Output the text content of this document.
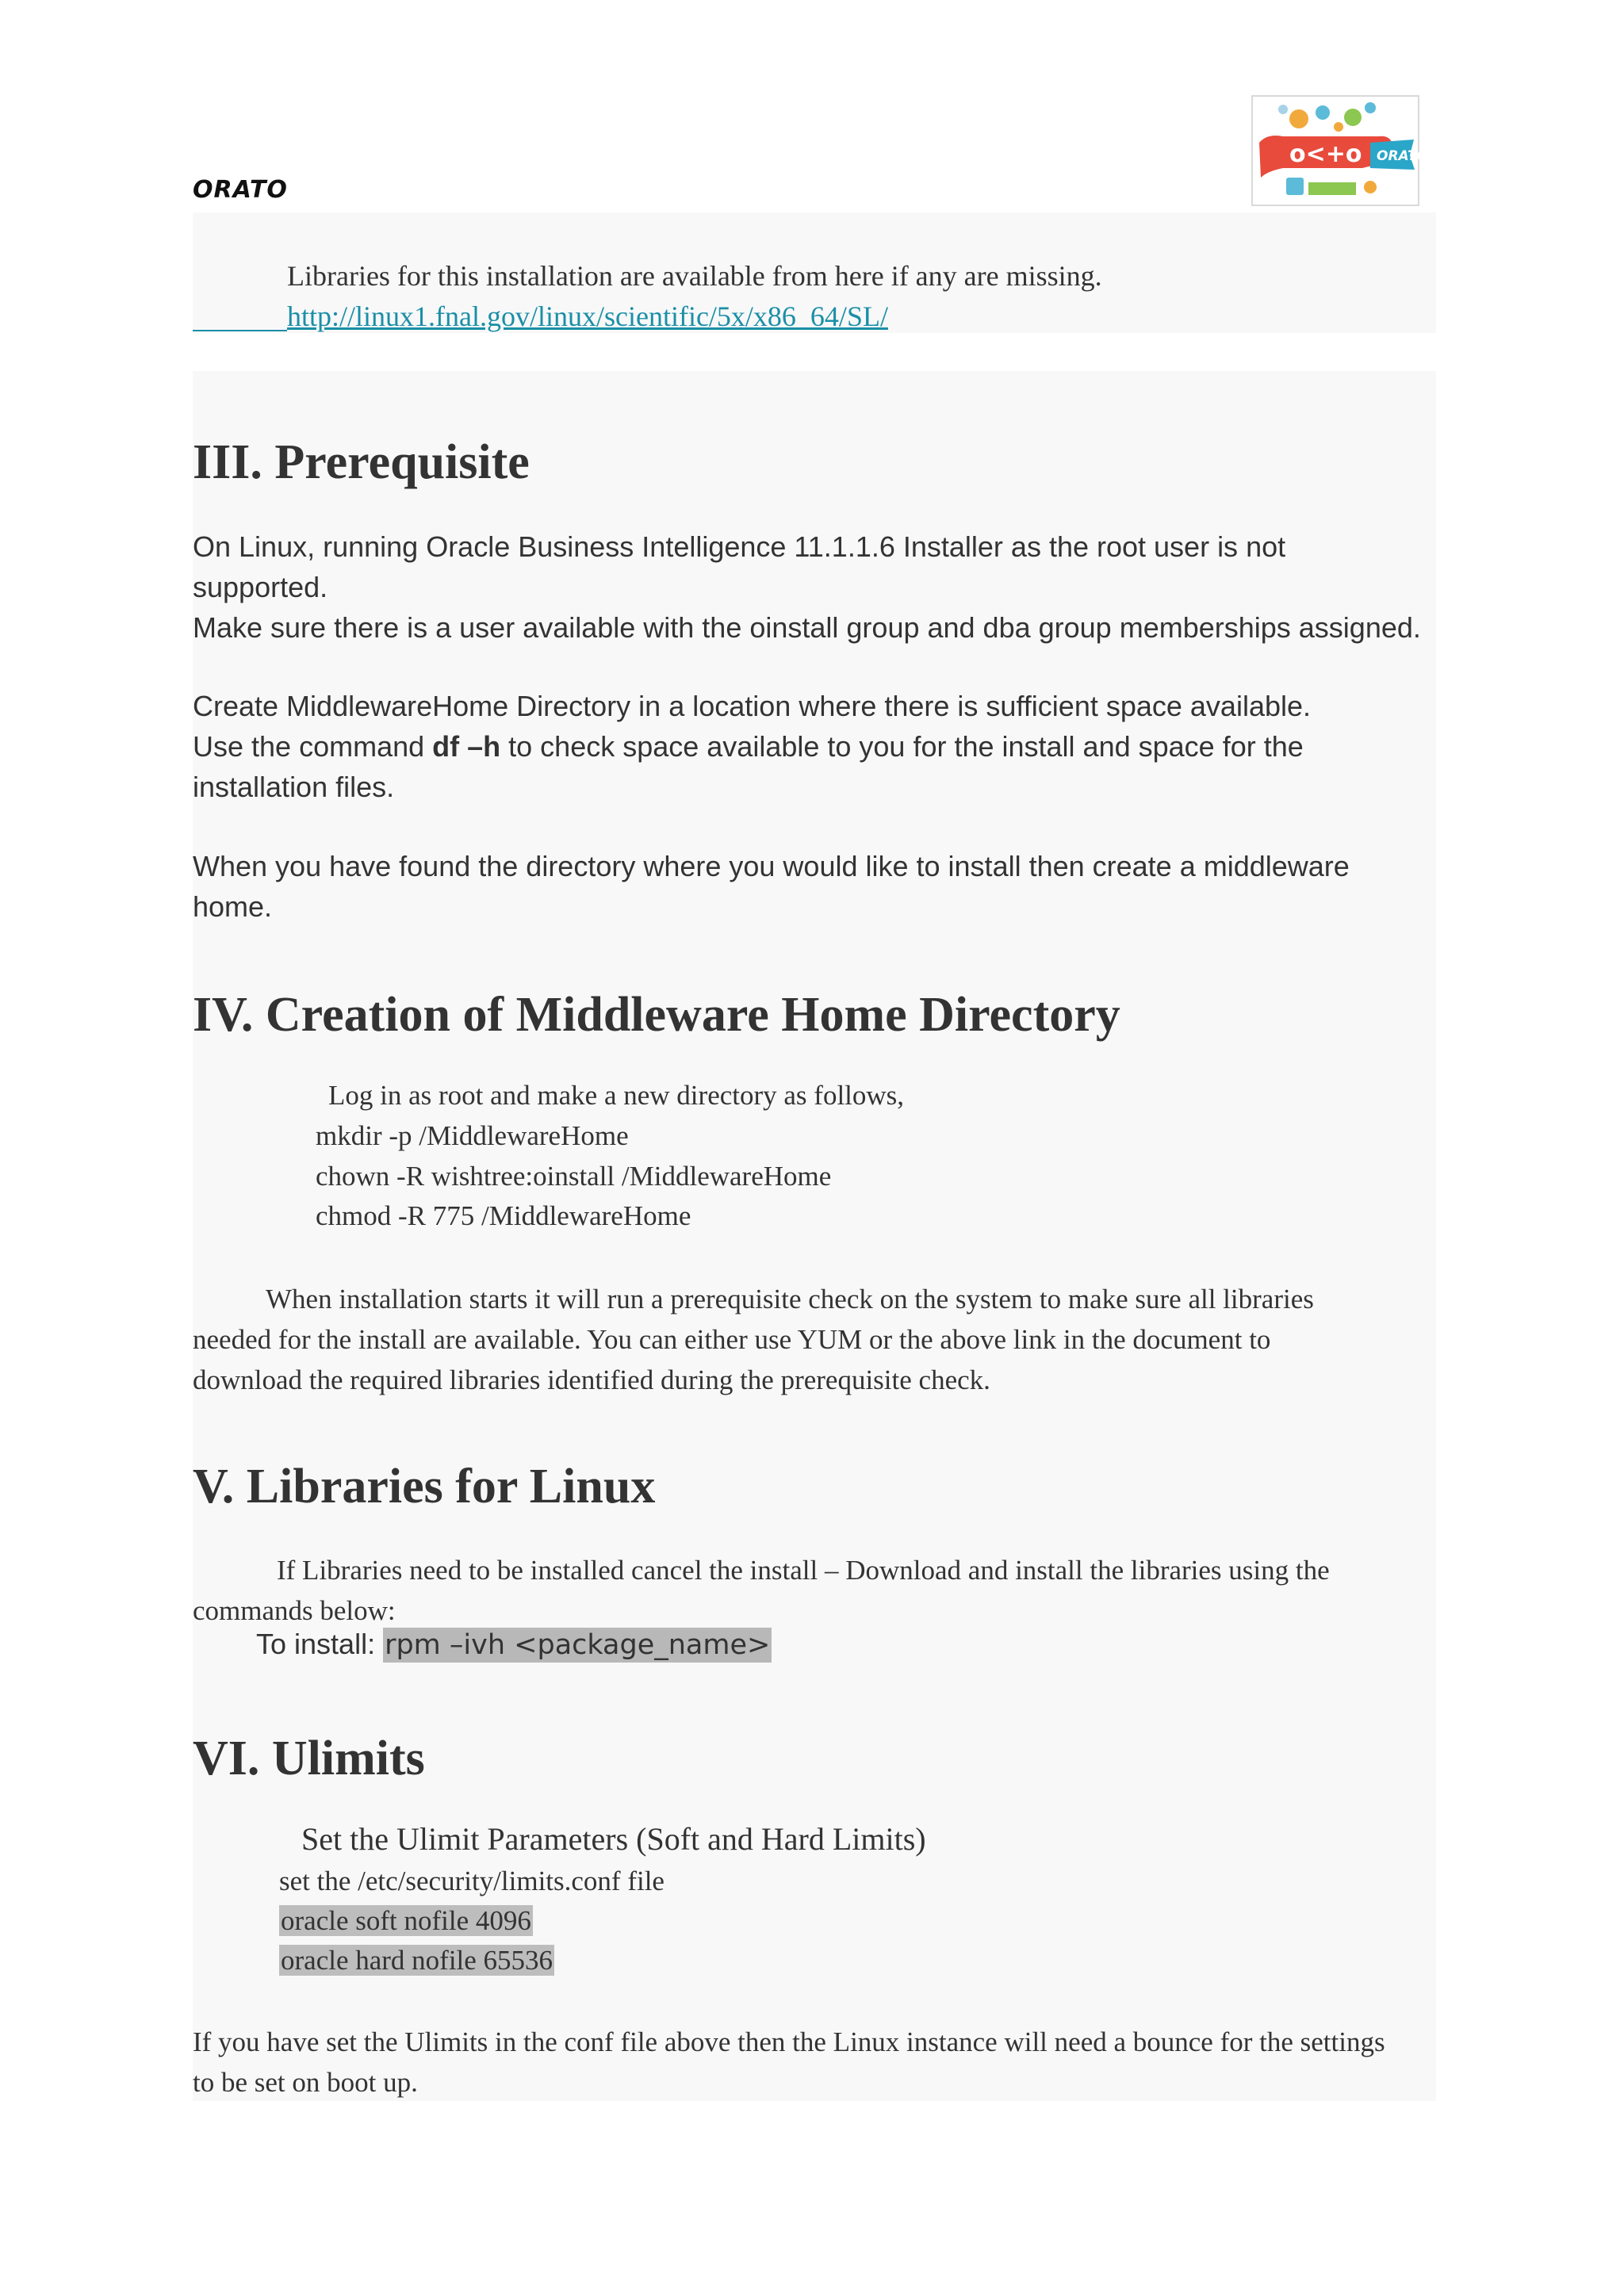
ORATO
o<+o ORATO
Libraries for this installation are available from here if any are missing.
http://linux1.fnal.gov/linux/scientific/5x/x86_64/SL/
III. Prerequisite
On Linux, running Oracle Business Intelligence 11.1.1.6 Installer as the root user is not
supported.
Make sure there is a user available with the oinstall group and dba group memberships assigned.
Create MiddlewareHome Directory in a location where there is sufficient space available.
Use the command df –h to check space available to you for the install and space for the
installation files.
When you have found the directory where you would like to install then create a middleware
home.
IV. Creation of Middleware Home Directory
Log in as root and make a new directory as follows,
mkdir -p /MiddlewareHome
chown -R wishtree:oinstall /MiddlewareHome
chmod -R 775 /MiddlewareHome
When installation starts it will run a prerequisite check on the system to make sure all libraries
needed for the install are available. You can either use YUM or the above link in the document to
download the required libraries identified during the prerequisite check.
V. Libraries for Linux
If Libraries need to be installed cancel the install – Download and install the libraries using the
commands below:
To install: rpm –ivh <package_name>
VI. Ulimits
Set the Ulimit Parameters (Soft and Hard Limits)
set the /etc/security/limits.conf file
oracle soft nofile 4096
oracle hard nofile 65536
If you have set the Ulimits in the conf file above then the Linux instance will need a bounce for the settings
to be set on boot up.
